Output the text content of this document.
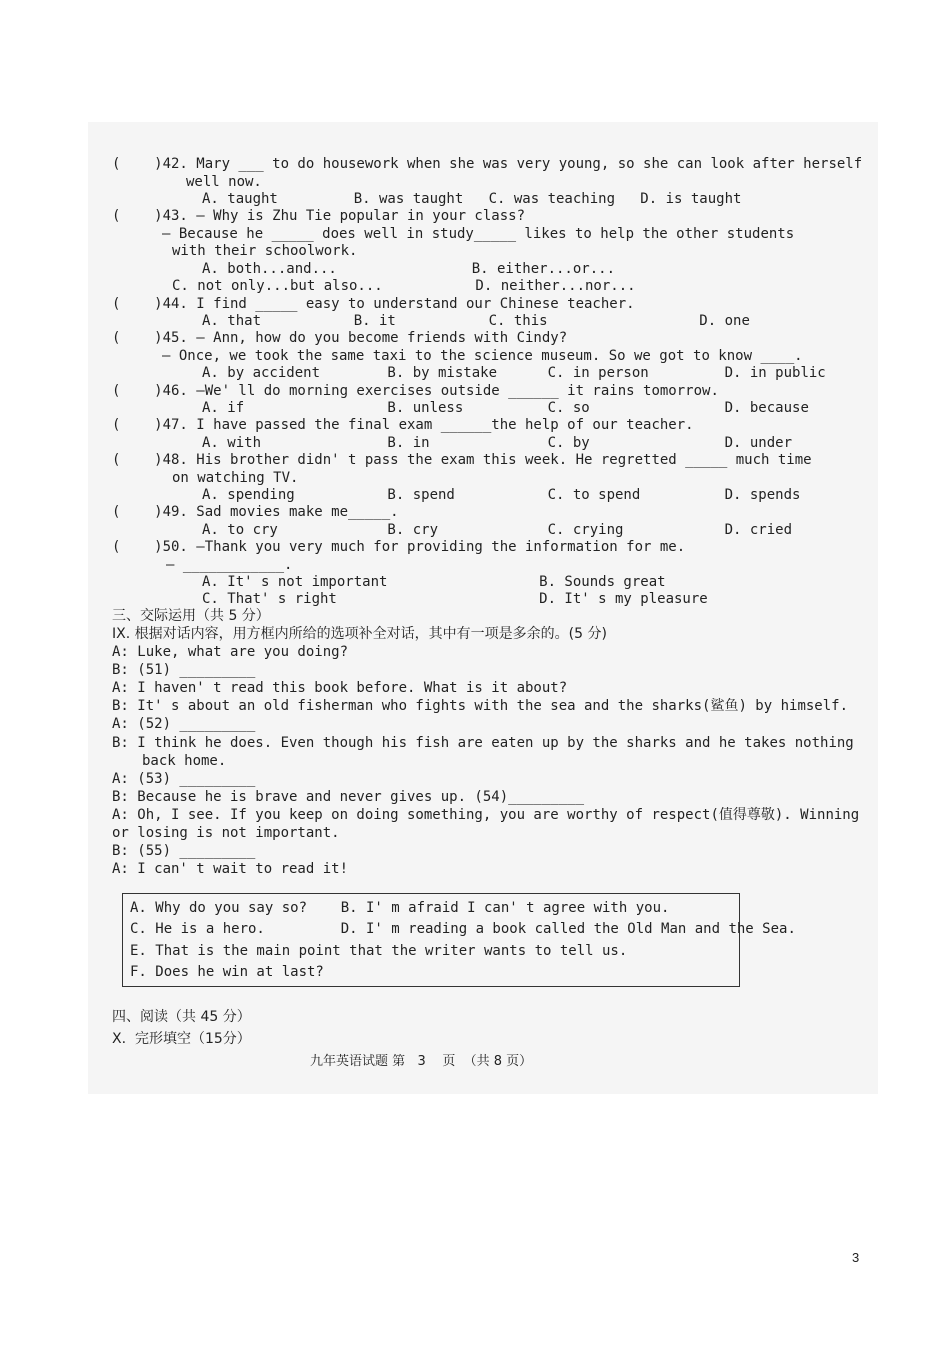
(    )42. Mary ___ to do housework when she was very young, so she can look after herself
well now.
A. taught         B. was taught   C. was teaching   D. is taught
(    )43. — Why is Zhu Tie popular in your class?
— Because he _____ does well in study_____ likes to help the other students
with their schoolwork.
A. both...and...                B. either...or...
C. not only...but also...           D. neither...nor...
(    )44. I find _____ easy to understand our Chinese teacher.
A. that           B. it           C. this                  D. one
(    )45. — Ann, how do you become friends with Cindy?
— Once, we took the same taxi to the science museum. So we got to know ____.
A. by accident        B. by mistake      C. in person         D. in public
(    )46. —We' ll do morning exercises outside ______ it rains tomorrow.
A. if                 B. unless          C. so                D. because
(    )47. I have passed the final exam ______the help of our teacher.
A. with               B. in              C. by                D. under
(    )48. His brother didn' t pass the exam this week. He regretted _____ much time
on watching TV.
A. spending           B. spend           C. to spend          D. spends
(    )49. Sad movies make me_____.
A. to cry             B. cry             C. crying            D. cried
(    )50. —Thank you very much for providing the information for me.
— ____________.
A. It' s not important                  B. Sounds great
C. That' s right                        D. It' s my pleasure
三、交际运用（共 5 分）
IX. 根据对话内容，用方框内所给的选项补全对话，其中有一项是多余的。(5 分)
A: Luke, what are you doing?
B: (51) _________
A: I haven' t read this book before. What is it about?
B: It' s about an old fisherman who fights with the sea and the sharks(鲨鱼) by himself.
A: (52) _________
B: I think he does. Even though his fish are eaten up by the sharks and he takes nothing
back home.
A: (53) _________
B: Because he is brave and never gives up. (54)_________
A: Oh, I see. If you keep on doing something, you are worthy of respect(值得尊敬). Winning
or losing is not important.
B: (55) _________
A: I can' t wait to read it!
A. Why do you say so?    B. I' m afraid I can' t agree with you.
C. He is a hero.         D. I' m reading a book called the Old Man and the Sea.
E. That is the main point that the writer wants to tell us.
F. Does he win at last?
四、阅读（共 45 分）
X.  完形填空（15分）
九年英语试题 第   3    页  （共 8 页）
3
